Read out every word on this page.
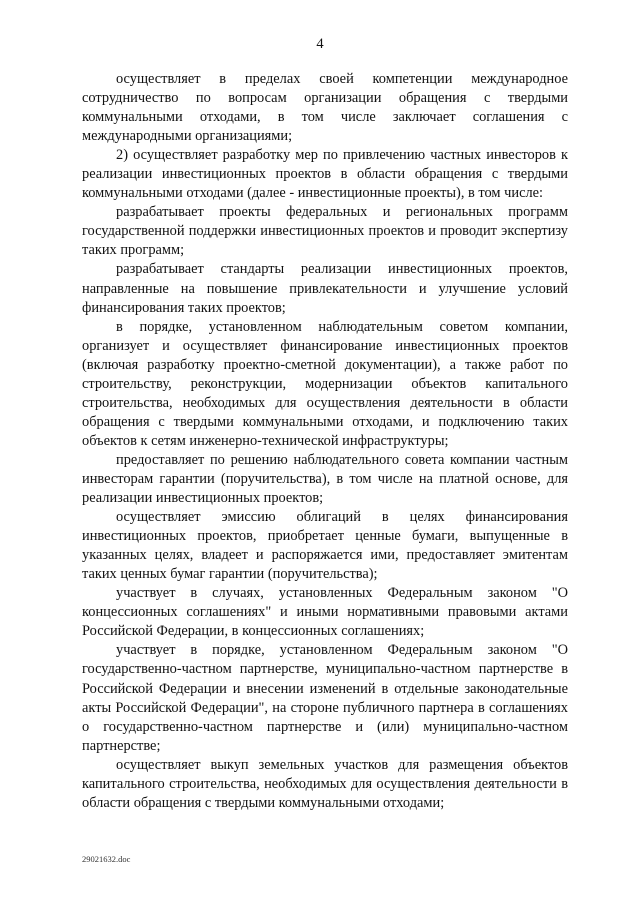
4

осуществляет в пределах своей компетенции международное сотрудничество по вопросам организации обращения с твердыми коммунальными отходами, в том числе заключает соглашения с международными организациями;

2) осуществляет разработку мер по привлечению частных инвесторов к реализации инвестиционных проектов в области обращения с твердыми коммунальными отходами (далее - инвестиционные проекты), в том числе:

разрабатывает проекты федеральных и региональных программ государственной поддержки инвестиционных проектов и проводит экспертизу таких программ;

разрабатывает стандарты реализации инвестиционных проектов, направленные на повышение привлекательности и улучшение условий финансирования таких проектов;

в порядке, установленном наблюдательным советом компании, организует и осуществляет финансирование инвестиционных проектов (включая разработку проектно-сметной документации), а также работ по строительству, реконструкции, модернизации объектов капитального строительства, необходимых для осуществления деятельности в области обращения с твердыми коммунальными отходами, и подключению таких объектов к сетям инженерно-технической инфраструктуры;

предоставляет по решению наблюдательного совета компании частным инвесторам гарантии (поручительства), в том числе на платной основе, для реализации инвестиционных проектов;

осуществляет эмиссию облигаций в целях финансирования инвестиционных проектов, приобретает ценные бумаги, выпущенные в указанных целях, владеет и распоряжается ими, предоставляет эмитентам таких ценных бумаг гарантии (поручительства);

участвует в случаях, установленных Федеральным законом "О концессионных соглашениях" и иными нормативными правовыми актами Российской Федерации, в концессионных соглашениях;

участвует в порядке, установленном Федеральным законом "О государственно-частном партнерстве, муниципально-частном партнерстве в Российской Федерации и внесении изменений в отдельные законодательные акты Российской Федерации", на стороне публичного партнера в соглашениях о государственно-частном партнерстве и (или) муниципально-частном партнерстве;

осуществляет выкуп земельных участков для размещения объектов капитального строительства, необходимых для осуществления деятельности в области обращения с твердыми коммунальными отходами;

29021632.doc
